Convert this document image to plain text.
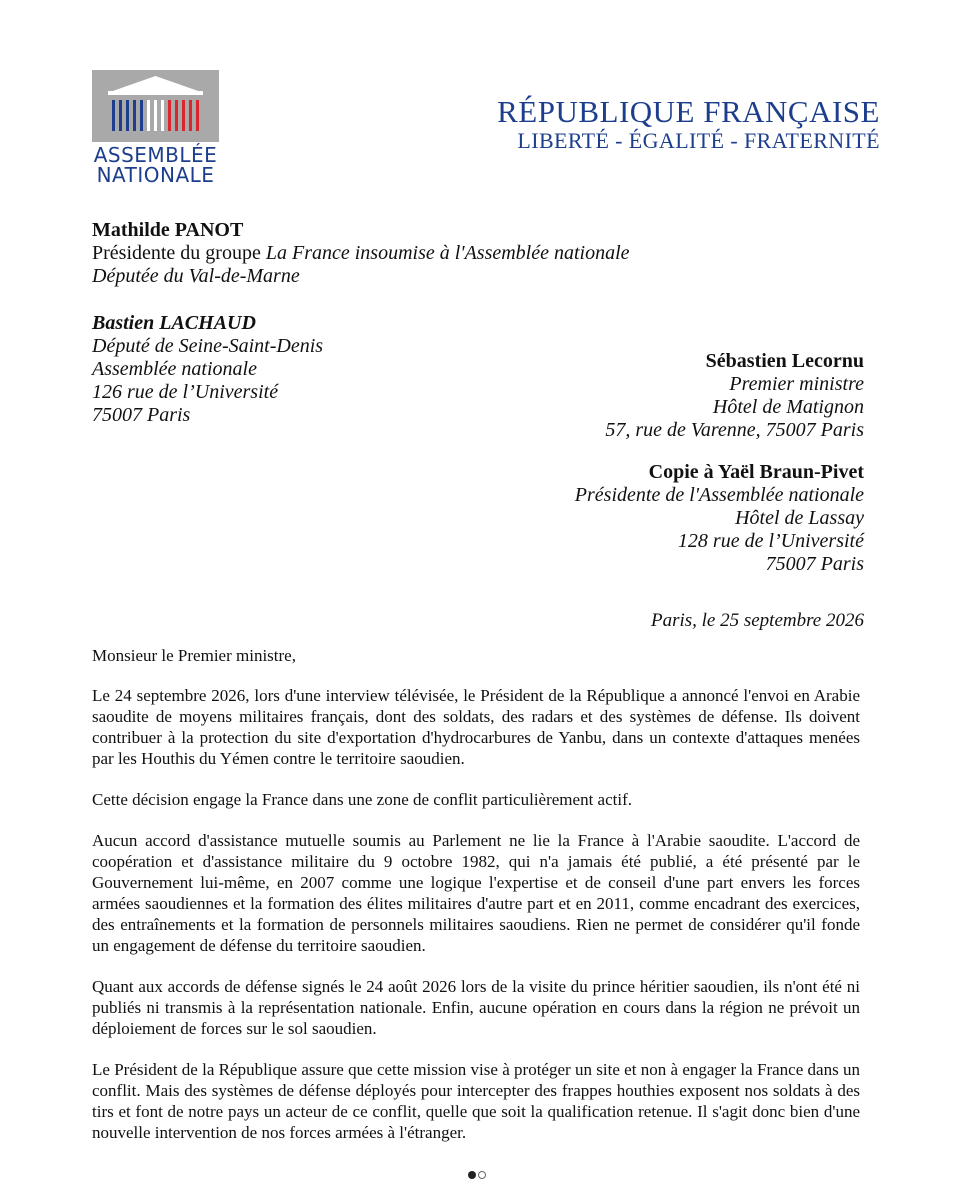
ASSEMBLÉE
NATIONALE
RÉPUBLIQUE FRANÇAISE
LIBERTÉ - ÉGALITÉ - FRATERNITÉ
Mathilde PANOT
Présidente du groupe La France insoumise à l'Assemblée nationale
Députée du Val-de-Marne
Bastien LACHAUD
Député de Seine-Saint-Denis
Assemblée nationale
126 rue de l’Université
75007 Paris
Sébastien Lecornu
Premier ministre
Hôtel de Matignon
57, rue de Varenne, 75007 Paris
Copie à Yaël Braun-Pivet
Présidente de l'Assemblée nationale
Hôtel de Lassay
128 rue de l’Université
75007 Paris
Paris, le 25 septembre 2026
Monsieur le Premier ministre,

Le 24 septembre 2026, lors d'une interview télévisée, le Président de la République a annoncé l'envoi en Arabie saoudite de moyens militaires français, dont des soldats, des radars et des systèmes de défense. Ils doivent contribuer à la protection du site d'exportation d'hydrocarbures de Yanbu, dans un contexte d'attaques menées par les Houthis du Yémen contre le territoire saoudien.

Cette décision engage la France dans une zone de conflit particulièrement actif.

Aucun accord d'assistance mutuelle soumis au Parlement ne lie la France à l'Arabie saoudite. L'accord de coopération et d'assistance militaire du 9 octobre 1982, qui n'a jamais été publié, a été présenté par le Gouvernement lui-même, en 2007 comme une logique l'expertise et de conseil d'une part envers les forces armées saoudiennes et la formation des élites militaires d'autre part et en 2011, comme encadrant des exercices, des entraînements et la formation de personnels militaires saoudiens. Rien ne permet de considérer qu'il fonde un engagement de défense du territoire saoudien.

Quant aux accords de défense signés le 24 août 2026 lors de la visite du prince héritier saoudien, ils n'ont été ni publiés ni transmis à la représentation nationale. Enfin, aucune opération en cours dans la région ne prévoit un déploiement de forces sur le sol saoudien.

Le Président de la République assure que cette mission vise à protéger un site et non à engager la France dans un conflit. Mais des systèmes de défense déployés pour intercepter des frappes houthies exposent nos soldats à des tirs et font de notre pays un acteur de ce conflit, quelle que soit la qualification retenue. Il s'agit donc bien d'une nouvelle intervention de nos forces armées à l'étranger.
